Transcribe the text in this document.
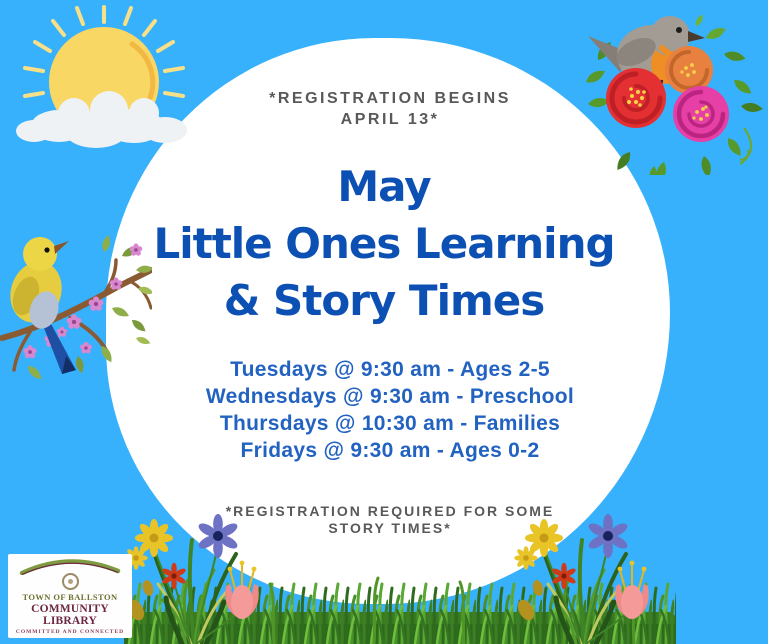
*REGISTRATION BEGINS
APRIL 13*
May
Little Ones Learning
& Story Times
Tuesdays @ 9:30 am - Ages 2-5
Wednesdays @ 9:30 am - Preschool
Thursdays @ 10:30 am - Families
Fridays @ 9:30 am - Ages 0-2
*REGISTRATION REQUIRED FOR SOME
STORY TIMES*
TOWN OF BALLSTON
COMMUNITY LIBRARY
COMMITTED AND CONNECTED
